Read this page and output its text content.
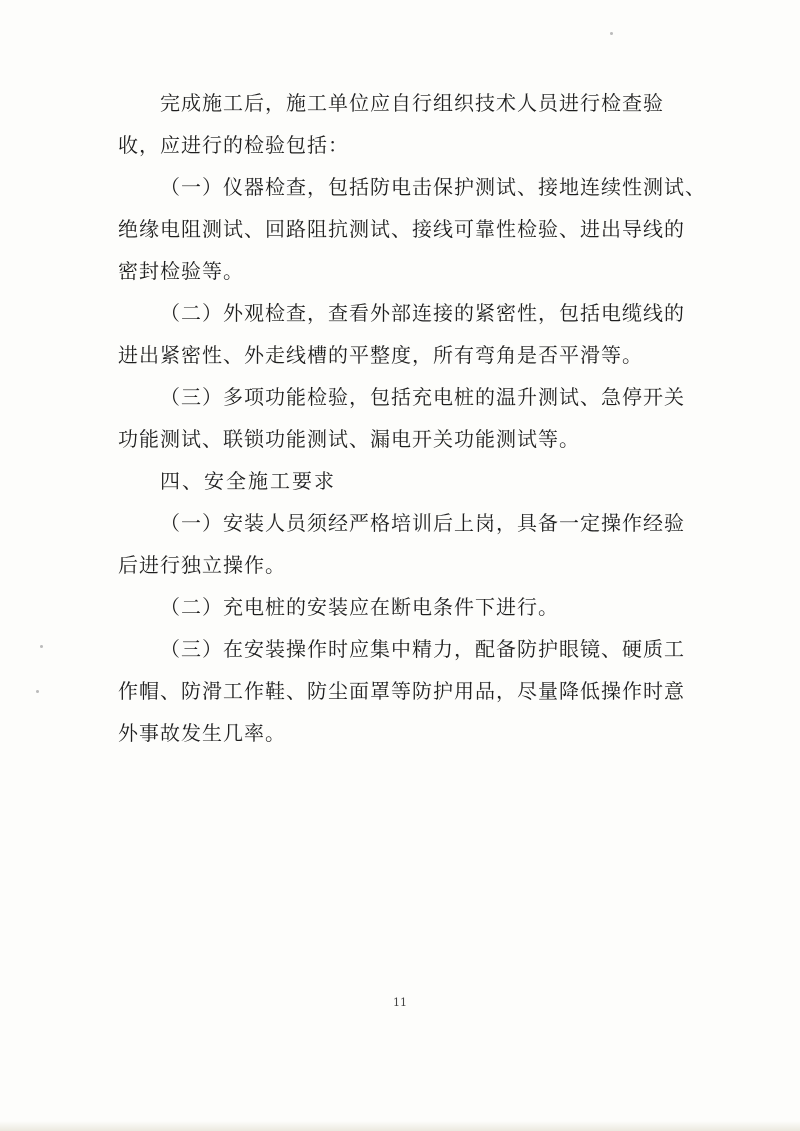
完成施工后，施工单位应自行组织技术人员进行检查验
收，应进行的检验包括：
（一）仪器检查，包括防电击保护测试、接地连续性测试、
绝缘电阻测试、回路阻抗测试、接线可靠性检验、进出导线的
密封检验等。
（二）外观检查，查看外部连接的紧密性，包括电缆线的
进出紧密性、外走线槽的平整度，所有弯角是否平滑等。
（三）多项功能检验，包括充电桩的温升测试、急停开关
功能测试、联锁功能测试、漏电开关功能测试等。
四、安全施工要求
（一）安装人员须经严格培训后上岗，具备一定操作经验
后进行独立操作。
（二）充电桩的安装应在断电条件下进行。
（三）在安装操作时应集中精力，配备防护眼镜、硬质工
作帽、防滑工作鞋、防尘面罩等防护用品，尽量降低操作时意
外事故发生几率。
11
